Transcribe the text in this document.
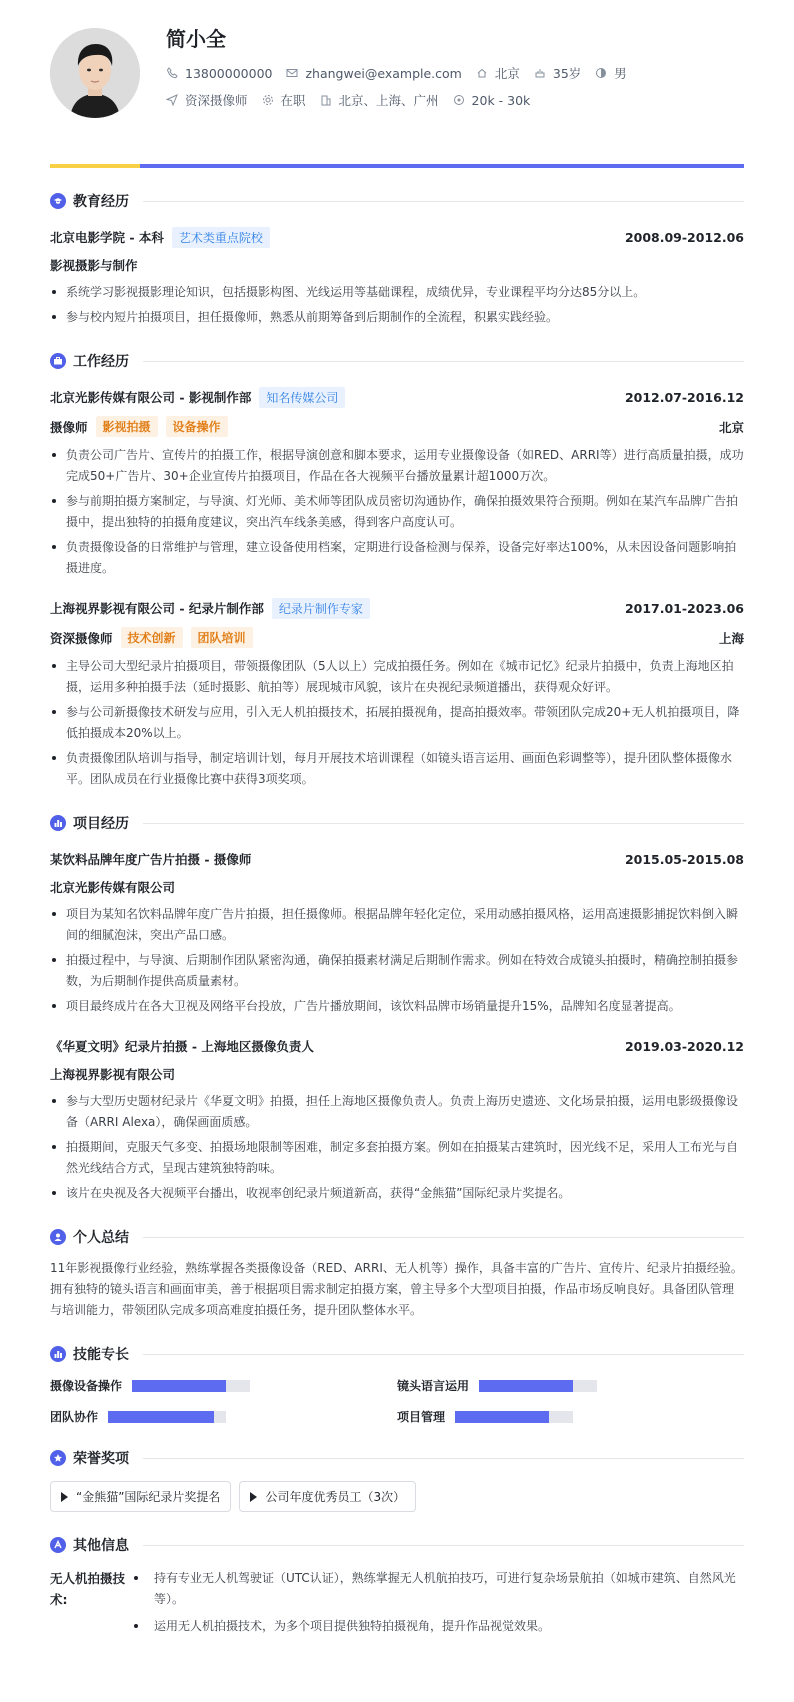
简小全
13800000000	zhangwei@example.com	北京	35岁	男
资深摄像师	在职	北京、上海、广州	20k - 30k
教育经历
北京电影学院 - 本科	艺术类重点院校	2008.09-2012.06
影视摄影与制作
系统学习影视摄影理论知识，包括摄影构图、光线运用等基础课程，成绩优异，专业课程平均分达85分以上。
参与校内短片拍摄项目，担任摄像师，熟悉从前期筹备到后期制作的全流程，积累实践经验。
工作经历
北京光影传媒有限公司 - 影视制作部	知名传媒公司	2012.07-2016.12
摄像师	影视拍摄	设备操作	北京
负责公司广告片、宣传片的拍摄工作，根据导演创意和脚本要求，运用专业摄像设备（如RED、ARRI等）进行高质量拍摄，成功完成50+广告片、30+企业宣传片拍摄项目，作品在各大视频平台播放量累计超1000万次。
参与前期拍摄方案制定，与导演、灯光师、美术师等团队成员密切沟通协作，确保拍摄效果符合预期。例如在某汽车品牌广告拍摄中，提出独特的拍摄角度建议，突出汽车线条美感，得到客户高度认可。
负责摄像设备的日常维护与管理，建立设备使用档案，定期进行设备检测与保养，设备完好率达100%，从未因设备问题影响拍摄进度。
上海视界影视有限公司 - 纪录片制作部	纪录片制作专家	2017.01-2023.06
资深摄像师	技术创新	团队培训	上海
主导公司大型纪录片拍摄项目，带领摄像团队（5人以上）完成拍摄任务。例如在《城市记忆》纪录片拍摄中，负责上海地区拍摄，运用多种拍摄手法（延时摄影、航拍等）展现城市风貌，该片在央视纪录频道播出，获得观众好评。
参与公司新摄像技术研发与应用，引入无人机拍摄技术，拓展拍摄视角，提高拍摄效率。带领团队完成20+无人机拍摄项目，降低拍摄成本20%以上。
负责摄像团队培训与指导，制定培训计划，每月开展技术培训课程（如镜头语言运用、画面色彩调整等），提升团队整体摄像水平。团队成员在行业摄像比赛中获得3项奖项。
项目经历
某饮料品牌年度广告片拍摄 - 摄像师	2015.05-2015.08
北京光影传媒有限公司
项目为某知名饮料品牌年度广告片拍摄，担任摄像师。根据品牌年轻化定位，采用动感拍摄风格，运用高速摄影捕捉饮料倒入瞬间的细腻泡沫，突出产品口感。
拍摄过程中，与导演、后期制作团队紧密沟通，确保拍摄素材满足后期制作需求。例如在特效合成镜头拍摄时，精确控制拍摄参数，为后期制作提供高质量素材。
项目最终成片在各大卫视及网络平台投放，广告片播放期间，该饮料品牌市场销量提升15%，品牌知名度显著提高。
《华夏文明》纪录片拍摄 - 上海地区摄像负责人	2019.03-2020.12
上海视界影视有限公司
参与大型历史题材纪录片《华夏文明》拍摄，担任上海地区摄像负责人。负责上海历史遗迹、文化场景拍摄，运用电影级摄像设备（ARRI Alexa），确保画面质感。
拍摄期间，克服天气多变、拍摄场地限制等困难，制定多套拍摄方案。例如在拍摄某古建筑时，因光线不足，采用人工布光与自然光线结合方式，呈现古建筑独特韵味。
该片在央视及各大视频平台播出，收视率创纪录片频道新高，获得“金熊猫”国际纪录片奖提名。
个人总结
11年影视摄像行业经验，熟练掌握各类摄像设备（RED、ARRI、无人机等）操作，具备丰富的广告片、宣传片、纪录片拍摄经验。拥有独特的镜头语言和画面审美，善于根据项目需求制定拍摄方案，曾主导多个大型项目拍摄，作品市场反响良好。具备团队管理与培训能力，带领团队完成多项高难度拍摄任务，提升团队整体水平。
技能专长
摄像设备操作	镜头语言运用
团队协作	项目管理
荣誉奖项
“金熊猫”国际纪录片奖提名	公司年度优秀员工（3次）
其他信息
无人机拍摄技术:
持有专业无人机驾驶证（UTC认证），熟练掌握无人机航拍技巧，可进行复杂场景航拍（如城市建筑、自然风光等）。
运用无人机拍摄技术，为多个项目提供独特拍摄视角，提升作品视觉效果。
